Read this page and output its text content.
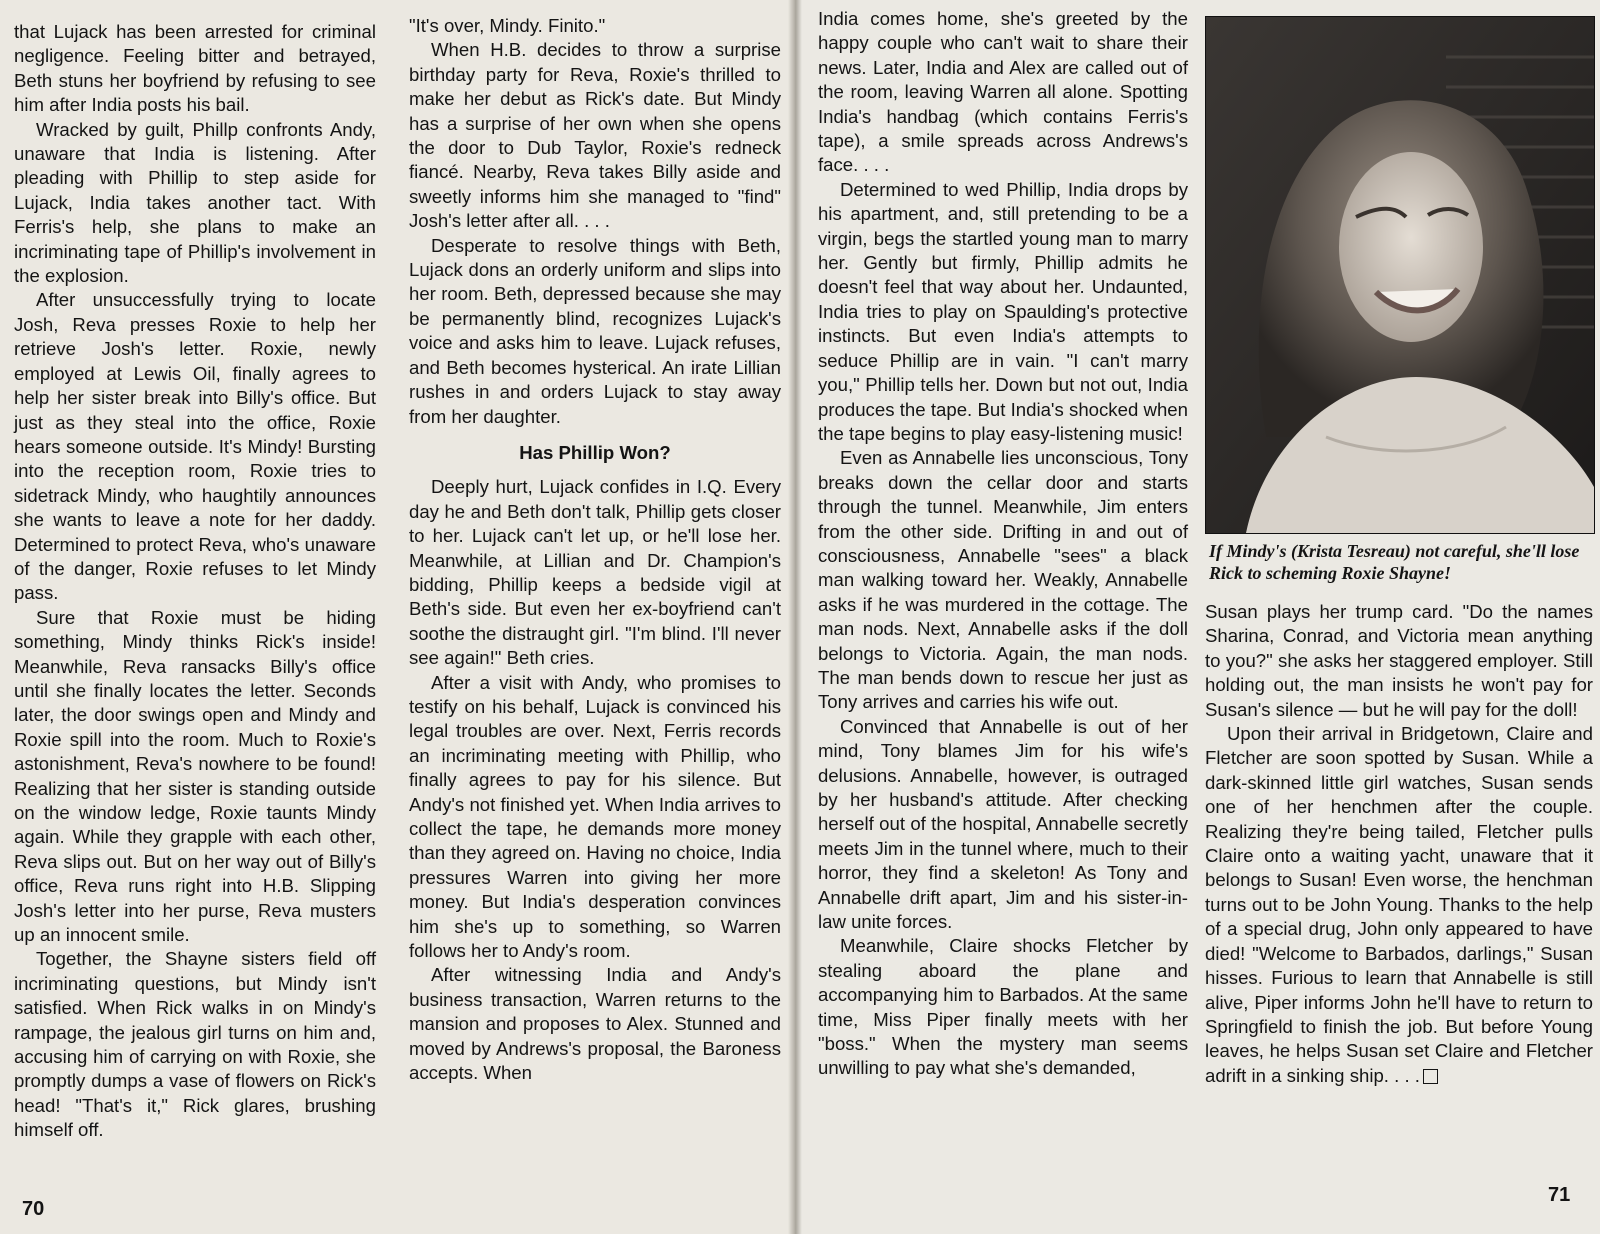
that Lujack has been arrested for criminal negligence. Feeling bitter and betrayed, Beth stuns her boyfriend by refusing to see him after India posts his bail.

Wracked by guilt, Phillp confronts Andy, unaware that India is listening. After pleading with Phillip to step aside for Lujack, India takes another tact. With Ferris's help, she plans to make an incriminating tape of Phillip's involvement in the explosion.

After unsuccessfully trying to locate Josh, Reva presses Roxie to help her retrieve Josh's letter. Roxie, newly employed at Lewis Oil, finally agrees to help her sister break into Billy's office. But just as they steal into the office, Roxie hears someone outside. It's Mindy! Bursting into the reception room, Roxie tries to sidetrack Mindy, who haughtily announces she wants to leave a note for her daddy. Determined to protect Reva, who's unaware of the danger, Roxie refuses to let Mindy pass.

Sure that Roxie must be hiding something, Mindy thinks Rick's inside! Meanwhile, Reva ransacks Billy's office until she finally locates the letter. Seconds later, the door swings open and Mindy and Roxie spill into the room. Much to Roxie's astonishment, Reva's nowhere to be found! Realizing that her sister is standing outside on the window ledge, Roxie taunts Mindy again. While they grapple with each other, Reva slips out. But on her way out of Billy's office, Reva runs right into H.B. Slipping Josh's letter into her purse, Reva musters up an innocent smile.

Together, the Shayne sisters field off incriminating questions, but Mindy isn't satisfied. When Rick walks in on Mindy's rampage, the jealous girl turns on him and, accusing him of carrying on with Roxie, she promptly dumps a vase of flowers on Rick's head! "That's it," Rick glares, brushing himself off.

"It's over, Mindy. Finito."

When H.B. decides to throw a surprise birthday party for Reva, Roxie's thrilled to make her debut as Rick's date. But Mindy has a surprise of her own when she opens the door to Dub Taylor, Roxie's redneck fiancé. Nearby, Reva takes Billy aside and sweetly informs him she managed to "find" Josh's letter after all. . . .

Desperate to resolve things with Beth, Lujack dons an orderly uniform and slips into her room. Beth, depressed because she may be permanently blind, recognizes Lujack's voice and asks him to leave. Lujack refuses, and Beth becomes hysterical. An irate Lillian rushes in and orders Lujack to stay away from her daughter.

Has Phillip Won?

Deeply hurt, Lujack confides in I.Q. Every day he and Beth don't talk, Phillip gets closer to her. Lujack can't let up, or he'll lose her. Meanwhile, at Lillian and Dr. Champion's bidding, Phillip keeps a bedside vigil at Beth's side. But even her ex-boyfriend can't soothe the distraught girl. "I'm blind. I'll never see again!" Beth cries.

After a visit with Andy, who promises to testify on his behalf, Lujack is convinced his legal troubles are over. Next, Ferris records an incriminating meeting with Phillip, who finally agrees to pay for his silence. But Andy's not finished yet. When India arrives to collect the tape, he demands more money than they agreed on. Having no choice, India pressures Warren into giving her more money. But India's desperation convinces him she's up to something, so Warren follows her to Andy's room.

After witnessing India and Andy's business transaction, Warren returns to the mansion and proposes to Alex. Stunned and moved by Andrews's proposal, the Baroness accepts. When

70

India comes home, she's greeted by the happy couple who can't wait to share their news. Later, India and Alex are called out of the room, leaving Warren all alone. Spotting India's handbag (which contains Ferris's tape), a smile spreads across Andrews's face. . . .

Determined to wed Phillip, India drops by his apartment, and, still pretending to be a virgin, begs the startled young man to marry her. Gently but firmly, Phillip admits he doesn't feel that way about her. Undaunted, India tries to play on Spaulding's protective instincts. But even India's attempts to seduce Phillip are in vain. "I can't marry you," Phillip tells her. Down but not out, India produces the tape. But India's shocked when the tape begins to play easy-listening music!

Even as Annabelle lies unconscious, Tony breaks down the cellar door and starts through the tunnel. Meanwhile, Jim enters from the other side. Drifting in and out of consciousness, Annabelle "sees" a black man walking toward her. Weakly, Annabelle asks if he was murdered in the cottage. The man nods. Next, Annabelle asks if the doll belongs to Victoria. Again, the man nods. The man bends down to rescue her just as Tony arrives and carries his wife out.

Convinced that Annabelle is out of her mind, Tony blames Jim for his wife's delusions. Annabelle, however, is outraged by her husband's attitude. After checking herself out of the hospital, Annabelle secretly meets Jim in the tunnel where, much to their horror, they find a skeleton! As Tony and Annabelle drift apart, Jim and his sister-in-law unite forces.

Meanwhile, Claire shocks Fletcher by stealing aboard the plane and accompanying him to Barbados. At the same time, Miss Piper finally meets with her "boss." When the mystery man seems unwilling to pay what she's demanded,

If Mindy's (Krista Tesreau) not careful, she'll lose Rick to scheming Roxie Shayne!

Susan plays her trump card. "Do the names Sharina, Conrad, and Victoria mean anything to you?" she asks her staggered employer. Still holding out, the man insists he won't pay for Susan's silence — but he will pay for the doll!

Upon their arrival in Bridgetown, Claire and Fletcher are soon spotted by Susan. While a dark-skinned little girl watches, Susan sends one of her henchmen after the couple. Realizing they're being tailed, Fletcher pulls Claire onto a waiting yacht, unaware that it belongs to Susan! Even worse, the henchman turns out to be John Young. Thanks to the help of a special drug, John only appeared to have died! "Welcome to Barbados, darlings," Susan hisses. Furious to learn that Annabelle is still alive, Piper informs John he'll have to return to Springfield to finish the job. But before Young leaves, he helps Susan set Claire and Fletcher adrift in a sinking ship. . . .

71
